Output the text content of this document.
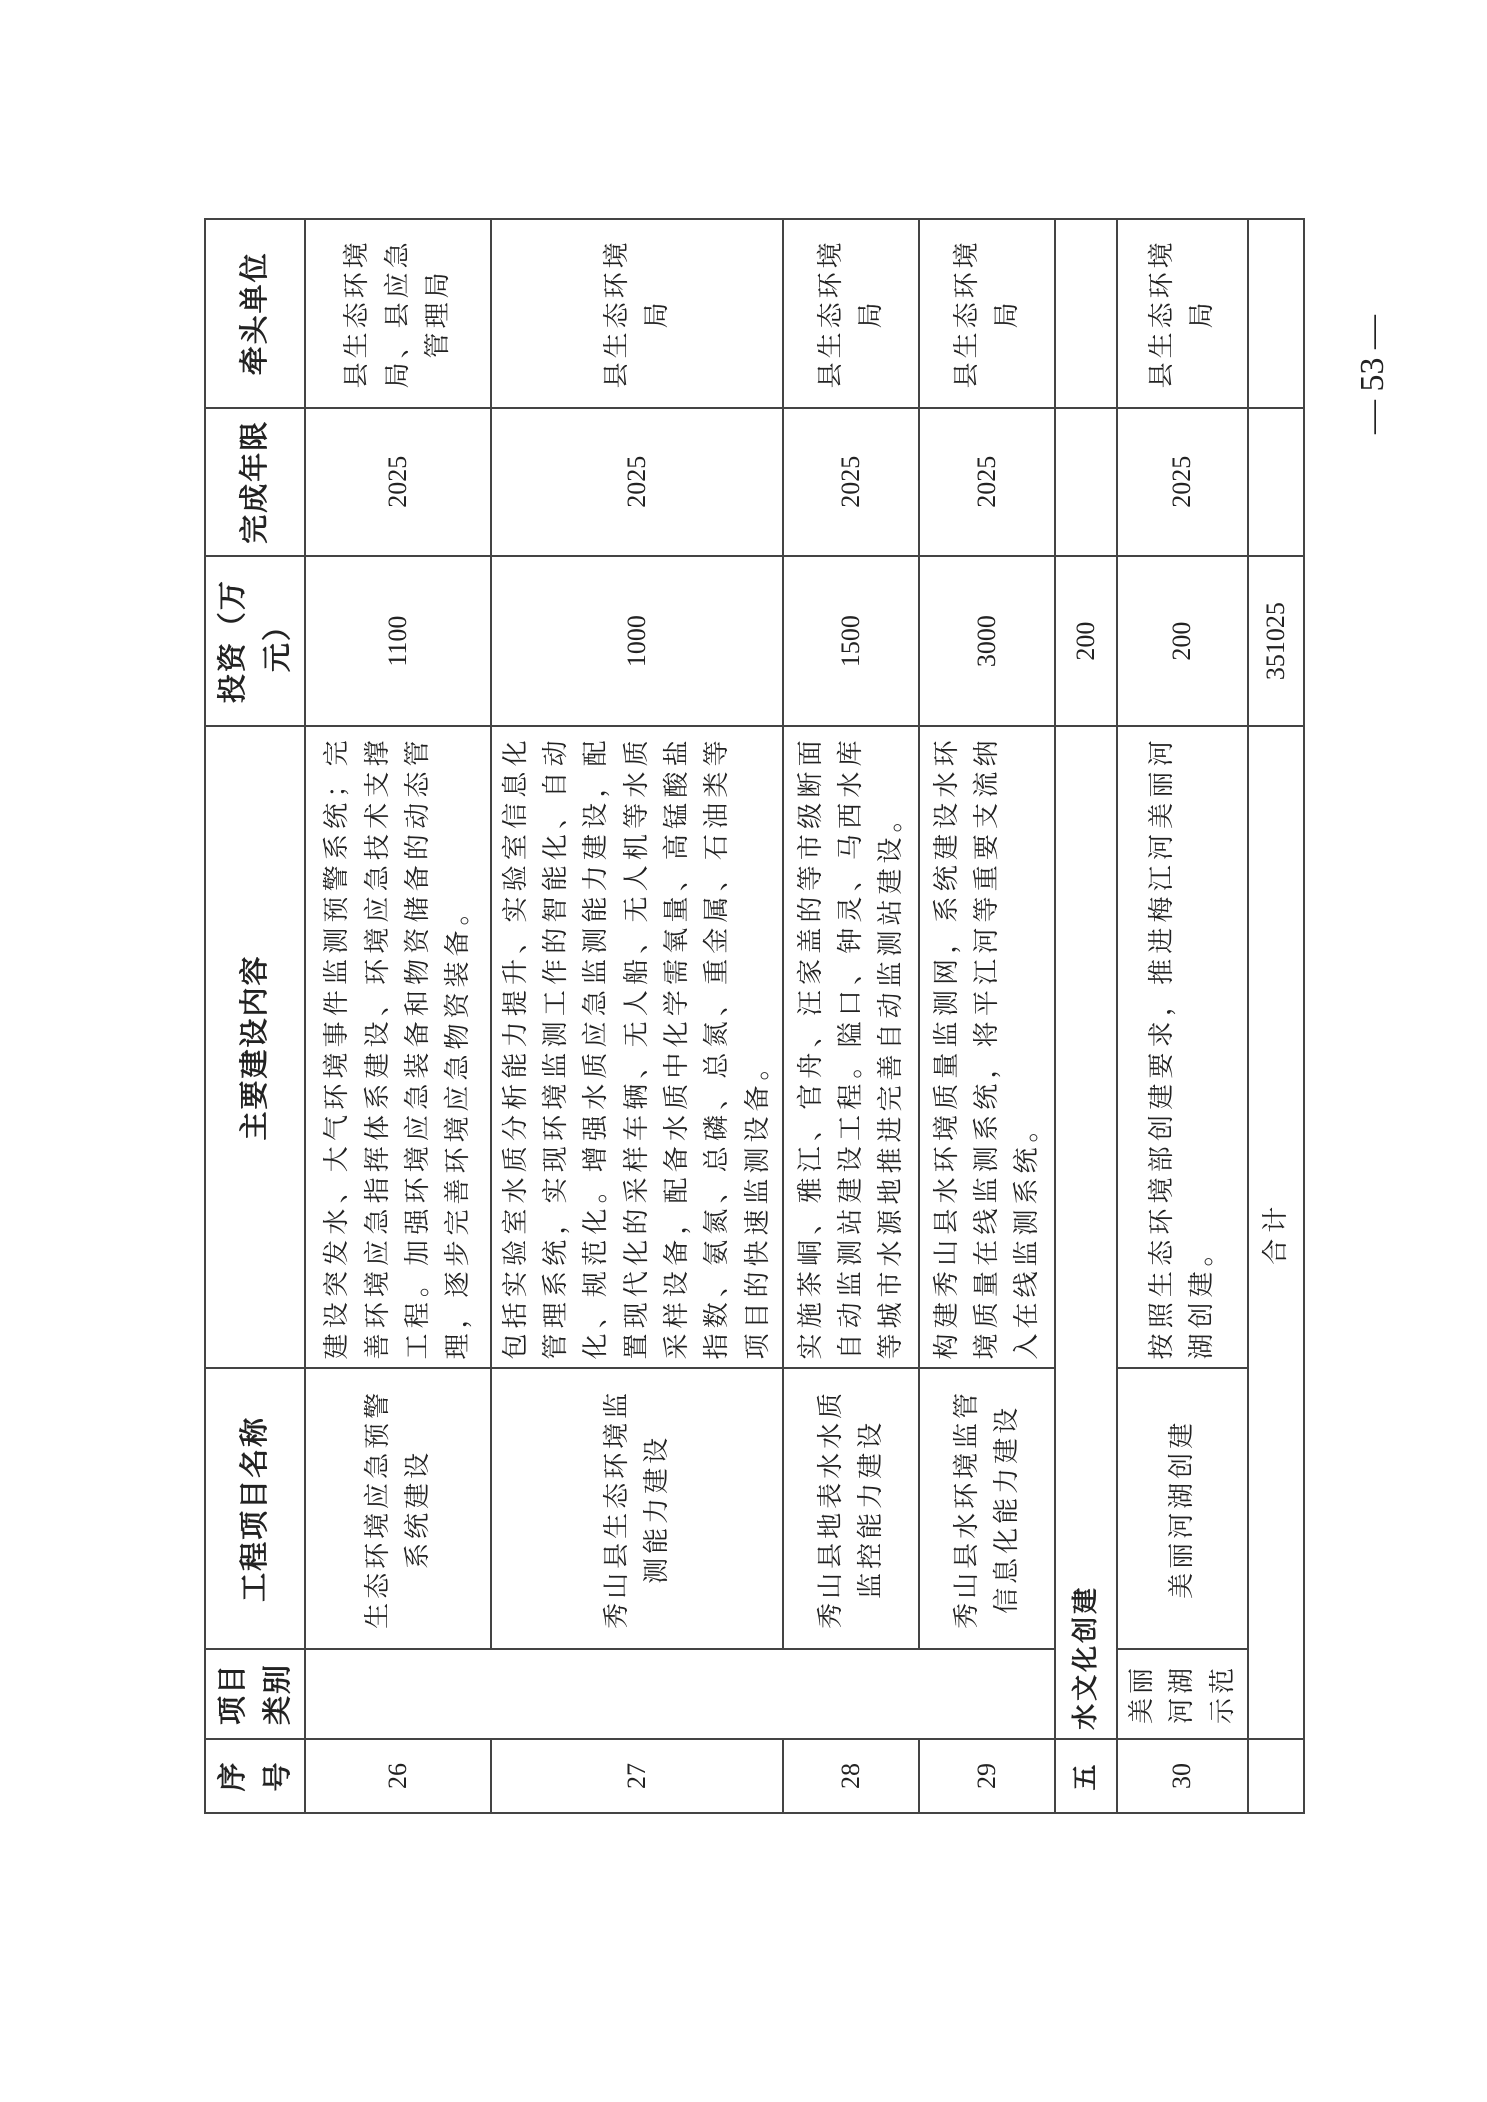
序号	项目类别	工程项目名称	主要建设内容	投资（万元）	完成年限	牵头单位
26		生态环境应急预警系统建设	建设突发水、大气环境事件监测预警系统；完善环境应急指挥体系建设、环境应急技术支撑工程。加强环境应急装备和物资储备的动态管理，逐步完善环境应急物资装备。	1100	2025	县生态环境局、县应急管理局
27		秀山县生态环境监测能力建设	包括实验室水质分析能力提升、实验室信息化管理系统，实现环境监测工作的智能化、自动化、规范化。增强水质应急监测能力建设，配置现代化的采样车辆、无人船、无人机等水质采样设备，配备水质中化学需氧量、高锰酸盐指数、氨氮、总磷、总氮、重金属、石油类等项目的快速监测设备。	1000	2025	县生态环境局
28		秀山县地表水水质监控能力建设	实施茶峒、雅江、官舟、汪家盖的等市级断面自动监测站建设工程。隘口、钟灵、马西水库等城市水源地推进完善自动监测站建设。	1500	2025	县生态环境局
29		秀山县水环境监管信息化能力建设	构建秀山县水环境质量监测网，系统建设水环境质量在线监测系统，将平江河等重要支流纳入在线监测系统。	3000	2025	县生态环境局
五	水文化创建			200		
30	美丽河湖示范	美丽河湖创建	按照生态环境部创建要求，推进梅江河美丽河湖创建。	200	2025	县生态环境局
	合计			351025		
— 53 —
